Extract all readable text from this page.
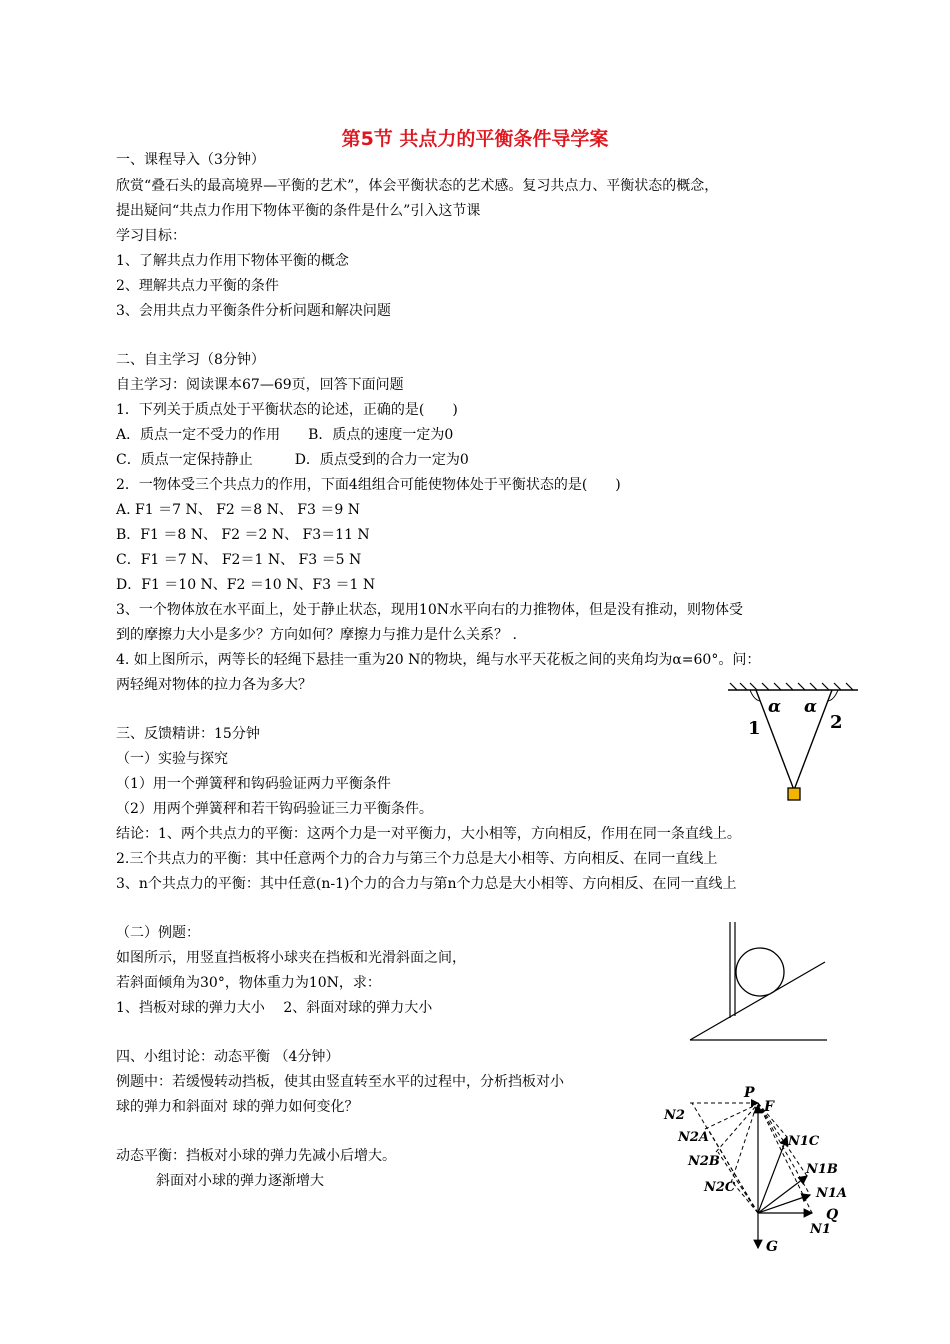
第5节 共点力的平衡条件导学案
一、课程导入（3分钟）
欣赏“叠石头的最高境界—平衡的艺术”，体会平衡状态的艺术感。复习共点力、平衡状态的概念，
提出疑问“共点力作用下物体平衡的条件是什么”引入这节课
学习目标：
1、了解共点力作用下物体平衡的概念
2、理解共点力平衡的条件
3、会用共点力平衡条件分析问题和解决问题
二、自主学习（8分钟）
自主学习：阅读课本67—69页，回答下面问题
1．下列关于质点处于平衡状态的论述，正确的是(　　)
A．质点一定不受力的作用　　B．质点的速度一定为0
C．质点一定保持静止　　　D．质点受到的合力一定为0
2．一物体受三个共点力的作用，下面4组组合可能使物体处于平衡状态的是(　　)
A. F1 ＝7 N、 F2 ＝8 N、 F3 ＝9 N
B．F1 ＝8 N、 F2 ＝2 N、 F3＝11 N
C．F1 ＝7 N、 F2＝1 N、 F3 ＝5 N
D．F1 ＝10 N、F2 ＝10 N、F3 ＝1 N
3、一个物体放在水平面上，处于静止状态，现用10N水平向右的力推物体，但是没有推动，则物体受
到的摩擦力大小是多少？方向如何？摩擦力与推力是什么关系？ .
4. 如上图所示，两等长的轻绳下悬挂一重为20 N的物块，绳与水平天花板之间的夹角均为α=60°。问：
两轻绳对物体的拉力各为多大？
三、反馈精讲：15分钟
（一）实验与探究
（1）用一个弹簧秤和钩码验证两力平衡条件
（2）用两个弹簧秤和若干钩码验证三力平衡条件。
结论：1、两个共点力的平衡：这两个力是一对平衡力，大小相等，方向相反，作用在同一条直线上。
2.三个共点力的平衡：其中任意两个力的合力与第三个力总是大小相等、方向相反、在同一直线上
3、n个共点力的平衡：其中任意(n-1)个力的合力与第n个力总是大小相等、方向相反、在同一直线上
（二）例题：
如图所示，用竖直挡板将小球夹在挡板和光滑斜面之间，
若斜面倾角为30°，物体重力为10N，求：
1、挡板对球的弹力大小　 2、斜面对球的弹力大小
四、小组讨论：动态平衡 （4分钟）
例题中：若缓慢转动挡板，使其由竖直转至水平的过程中，分析挡板对小
球的弹力和斜面对 球的弹力如何变化？
动态平衡：挡板对小球的弹力先减小后增大。
斜面对小球的弹力逐渐增大
α α
1	2
P
F
N2
N2A
N2B
N2C
N1C
N1B
N1A
Q
N1
G
